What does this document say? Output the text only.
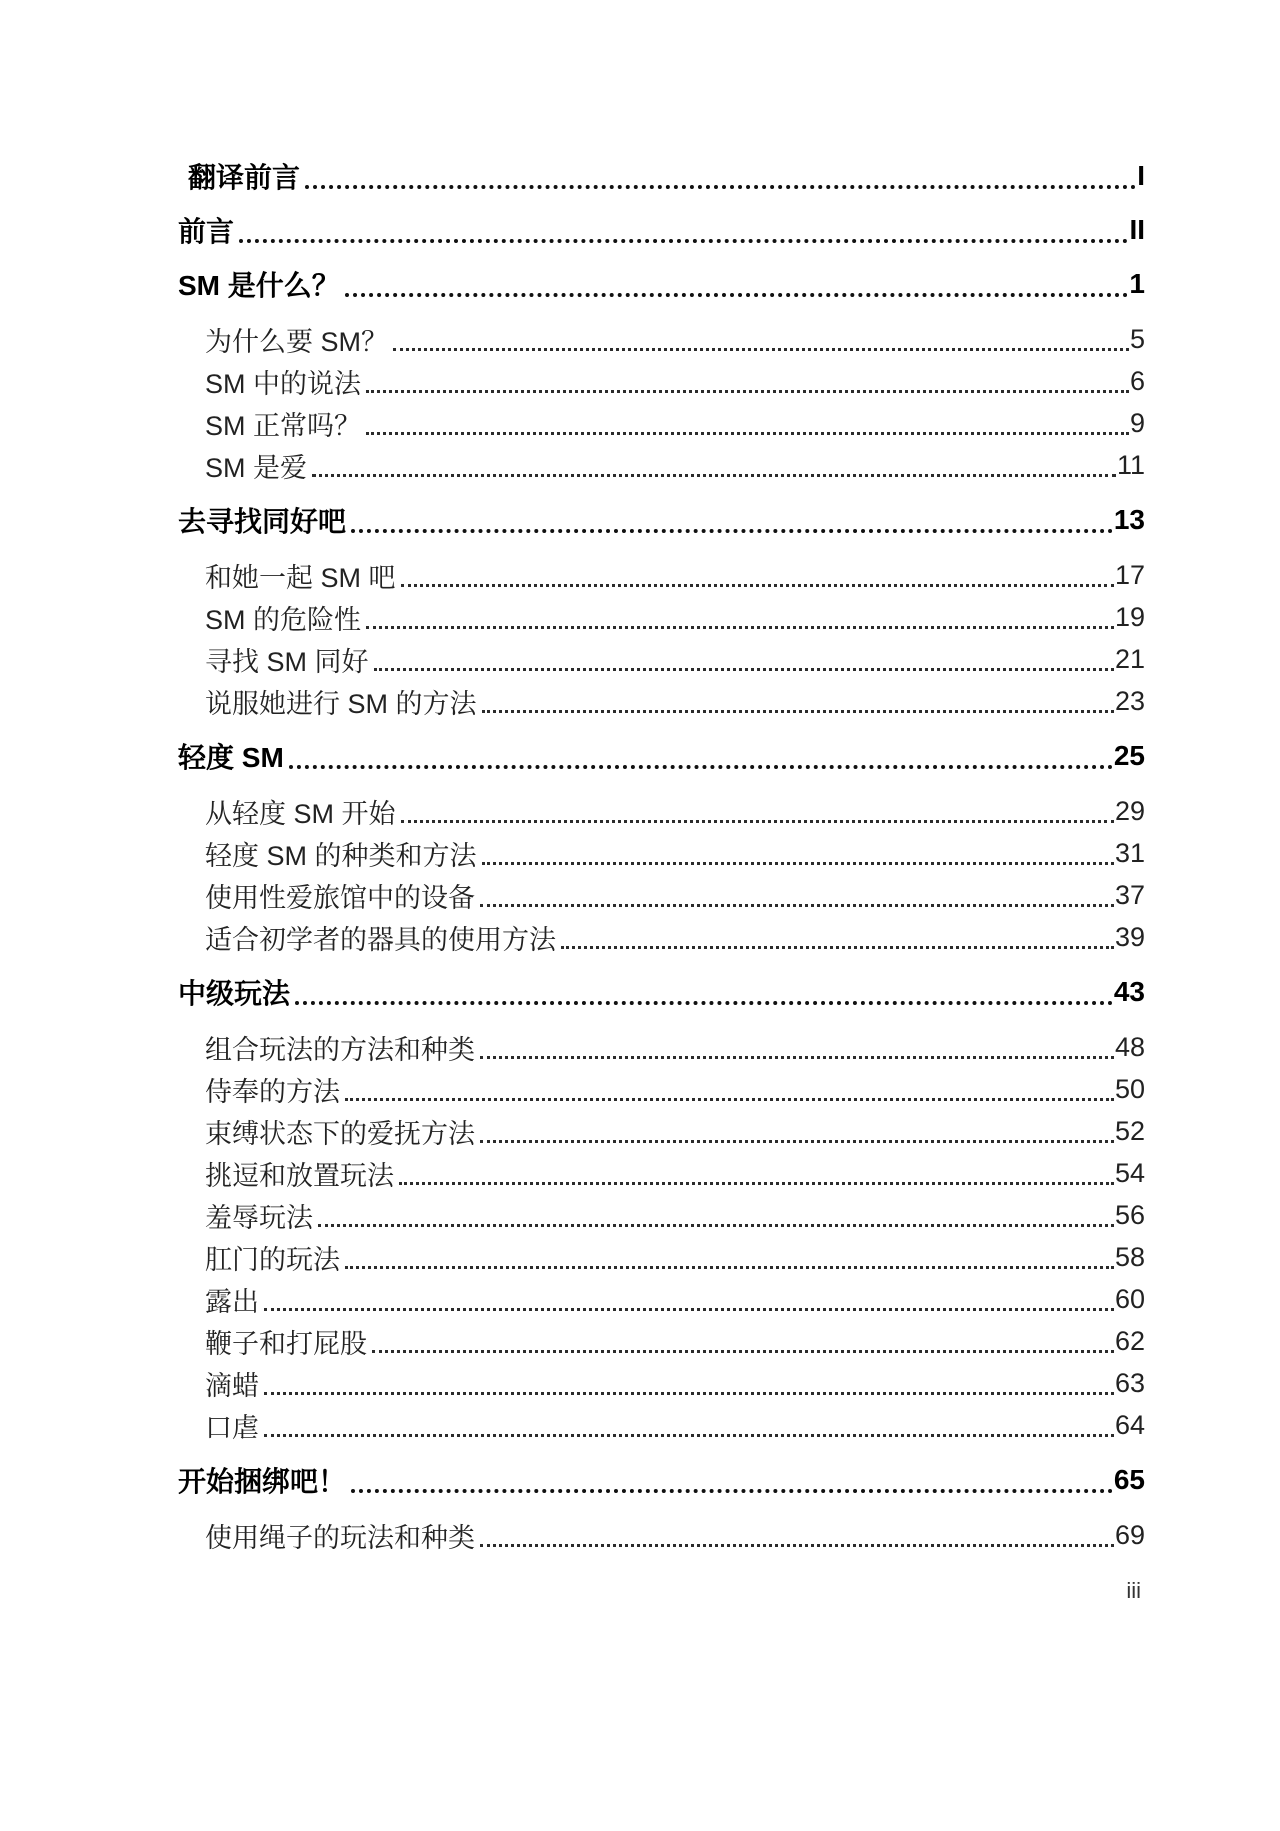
翻译前言	I
前言	II
SM 是什么？	1
为什么要 SM？	5
SM 中的说法	6
SM 正常吗？	9
SM 是爱	11
去寻找同好吧	13
和她一起 SM 吧	17
SM 的危险性	19
寻找 SM 同好	21
说服她进行 SM 的方法	23
轻度 SM	25
从轻度 SM 开始	29
轻度 SM 的种类和方法	31
使用性爱旅馆中的设备	37
适合初学者的器具的使用方法	39
中级玩法	43
组合玩法的方法和种类	48
侍奉的方法	50
束缚状态下的爱抚方法	52
挑逗和放置玩法	54
羞辱玩法	56
肛门的玩法	58
露出	60
鞭子和打屁股	62
滴蜡	63
口虐	64
开始捆绑吧！	65
使用绳子的玩法和种类	69
iii
